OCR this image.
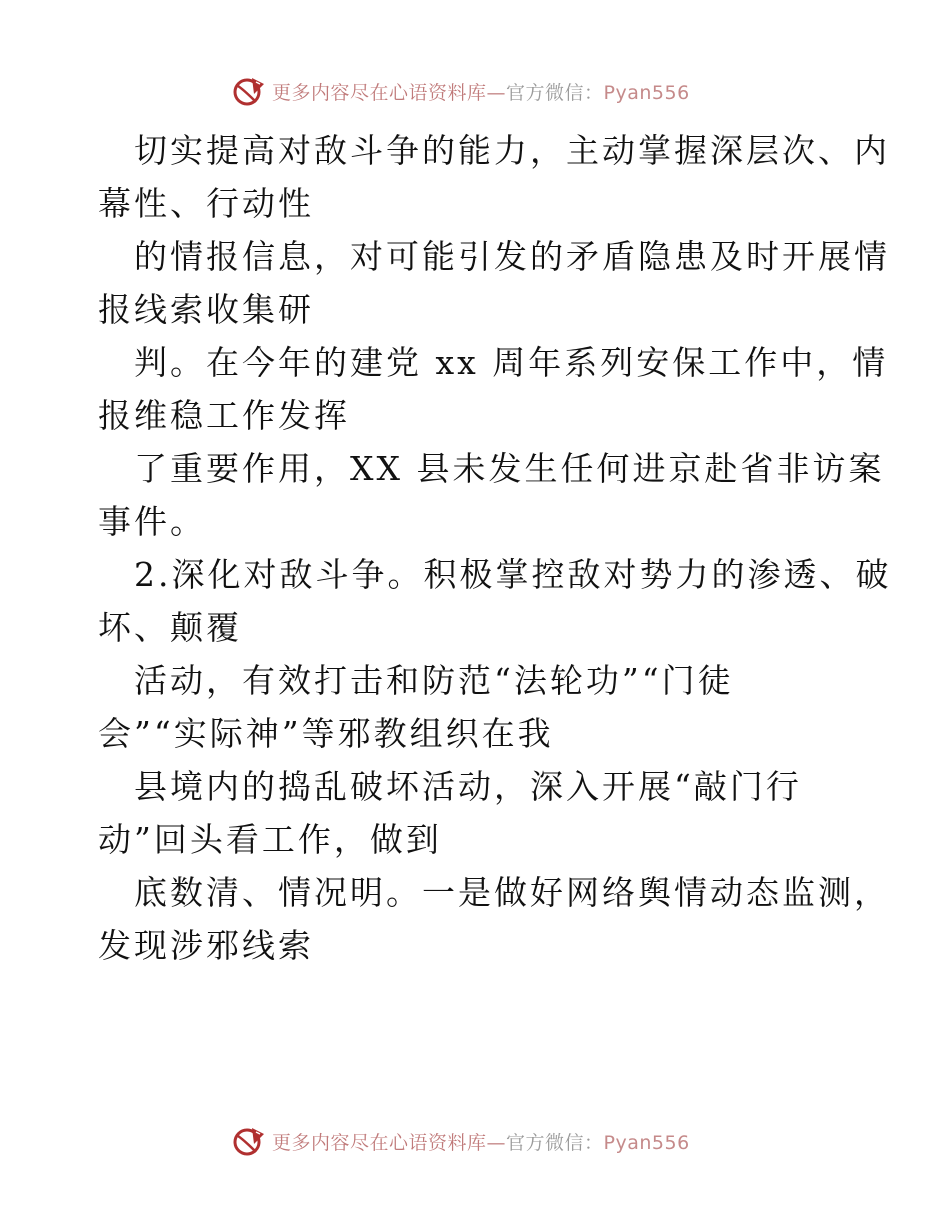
更多内容尽在心语资料库—官方微信：Pyan556
切实提高对敌斗争的能力，主动掌握深层次、内
幕性、行动性
的情报信息，对可能引发的矛盾隐患及时开展情
报线索收集研
判。在今年的建党 xx 周年系列安保工作中，情
报维稳工作发挥
了重要作用，XX 县未发生任何进京赴省非访案
事件。
2.深化对敌斗争。积极掌控敌对势力的渗透、破
坏、颠覆
活动，有效打击和防范“法轮功”“门徒
会”“实际神”等邪教组织在我
县境内的捣乱破坏活动，深入开展“敲门行
动”回头看工作，做到
底数清、情况明。一是做好网络舆情动态监测，
发现涉邪线索
更多内容尽在心语资料库—官方微信：Pyan556
